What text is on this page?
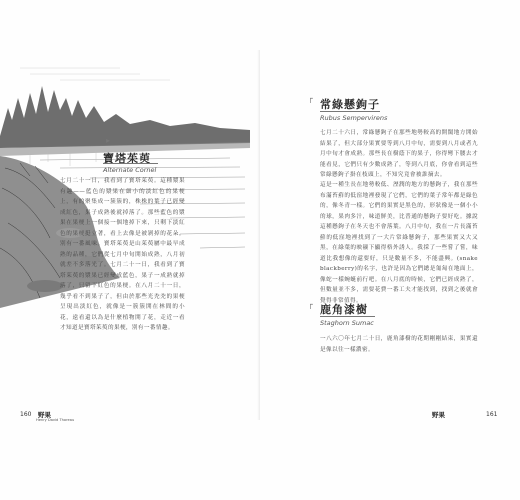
寶塔茱萸

Alternate Cornel

▸

七月二十一日，我看到了寶塔茱萸。這種漿果有趣——藍色的漿果在細小的淡紅色的果梗上，有的聚集成一簇簇的，株株的葉子已經變成紅色，果子成熟後就掉落了。那些藍色的漿果在果梗上一個接一個地掉下來，只剩下淡紅色的果梗挺立著，看上去像是被剝掉的花朵，別有一番風味。寶塔茱萸是山茱萸屬中最早成熟的品種，它們從七月中旬開始成熟，八月初就差不多落光了。七月二十一日，我看到了寶塔茱萸的漿果已經變成藍色，果子一成熟就掉落了，只留下紅色的果梗。在八月二十一日，幾乎看不到果子了，但由於那些光禿禿的果梗呈現出淡紅色，就像是一簇簇開在林間的小花，遠看還以為是什麼植物開了花，走近一看才知道是寶塔茱萸的果梗，別有一番情趣。

160 野果
Henry David Thoreau
┌ 常綠懸鉤子

Rubus Sempervirens

七月二十六日，常綠懸鉤子在那些地勢較高的開闊地方開始結果了，但大部分果實要等到八月中旬，需要到八月或者九月中旬才會成熟。那些長在樹蔭下的果子，你得彎下腰去才能看見，它們只有少數成熟了，等到八月底，你會看到這些常綠懸鉤子掛在枝頭上，不知究竟會被誰摘去。

這是一種生長在地勢較低、溼潤的地方的懸鉤子，我在那些布滿苔蘚的低窪地裡發現了它們，它們的葉子常年都是綠色的，像冬青一樣。它們的果實是黑色的，形狀像是一個小小的球，果肉多汁，味道鮮美，比普通的懸鉤子要好吃。據說這種懸鉤子在冬天也不會落葉。八月中旬，我在一片長滿苔蘚的低窪地裡找到了一大片常綠懸鉤子，那些果實又大又黑，在綠葉的映襯下顯得格外誘人。我採了一些嘗了嘗，味道比我想像的還要好，只是數量不多，不能盡興。(snake blackberry)的名字，也許是因為它們總是匍匐在地面上，像蛇一樣蜿蜒前行吧。在八月底的時候，它們已經成熟了，但數量並不多，需要花費一番工夫才能找到，找到之後就會覺得非常值得。

┌ 鹿角漆樹

Staghorn Sumac

一八六〇年七月二十日，鹿角漆樹的花期剛剛結束，果實還是像以往一樣濃密。

野果	161
